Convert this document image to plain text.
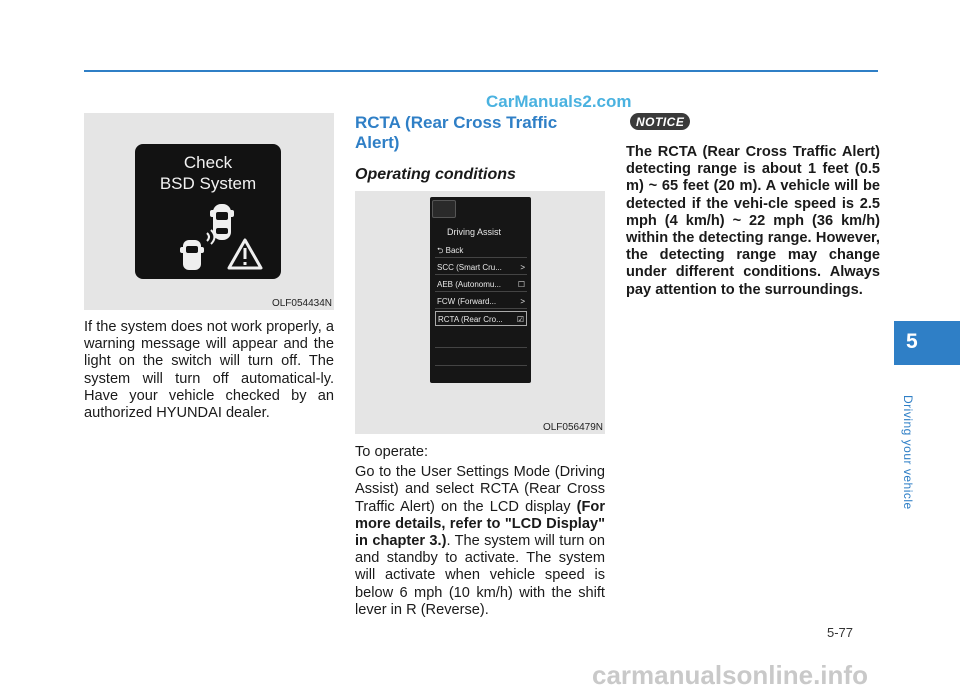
CarManuals2.com
Check
BSD System
OLF054434N

If the system does not work properly, a warning message will appear and the light on the switch will turn off. The system will turn off automatical-ly. Have your vehicle checked by an authorized HYUNDAI dealer.

RCTA (Rear Cross Traffic Alert)
Operating conditions
Driving Assist
⮌ Back
SCC (Smart Cru... >
AEB (Autonomu... ☐
FCW (Forward...	>
RCTA (Rear Cro... ☑
OLF056479N

To operate:

Go to the User Settings Mode (Driving Assist) and select RCTA (Rear Cross Traffic Alert) on the LCD display (For more details, refer to "LCD Display" in chapter 3.). The system will turn on and standby to activate. The system will activate when vehicle speed is below 6 mph (10 km/h) with the shift lever in R (Reverse).

NOTICE

The RCTA (Rear Cross Traffic Alert) detecting range is about 1 feet (0.5 m) ~ 65 feet (20 m). A vehicle will be detected if the vehi-cle speed is 2.5 mph (4 km/h) ~ 22 mph (36 km/h) within the detecting range. However, the detecting range may change under different conditions. Always pay attention to the surroundings.

5
Driving your vehicle
5-77
carmanualsonline.info
